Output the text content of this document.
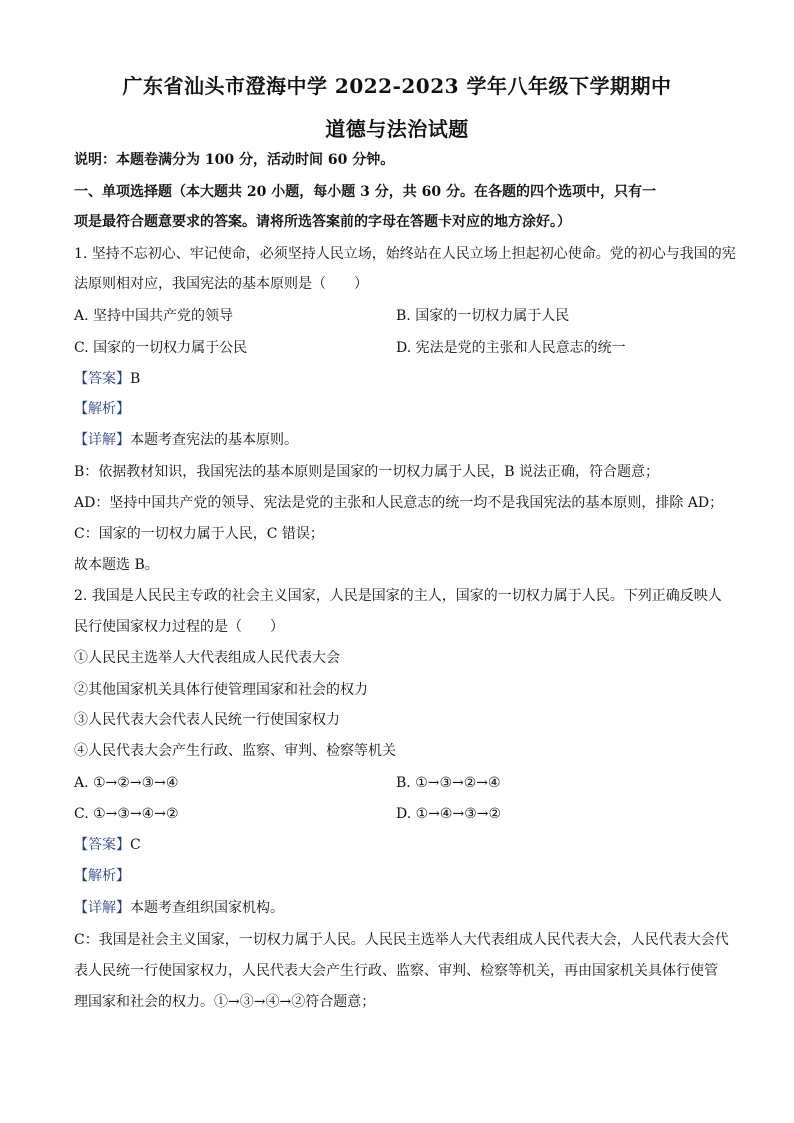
广东省汕头市澄海中学 2022-2023 学年八年级下学期期中
道德与法治试题
说明：本题卷满分为 100 分，活动时间 60 分钟。
一、单项选择题（本大题共 20 小题，每小题 3 分，共 60 分。在各题的四个选项中，只有一
项是最符合题意要求的答案。请将所选答案前的字母在答题卡对应的地方涂好。）
1. 坚持不忘初心、牢记使命，必须坚持人民立场，始终站在人民立场上担起初心使命。党的初心与我国的宪
法原则相对应，我国宪法的基本原则是（　　）
A. 坚持中国共产党的领导	B. 国家的一切权力属于人民
C. 国家的一切权力属于公民	D. 宪法是党的主张和人民意志的统一
【答案】B
【解析】
【详解】本题考查宪法的基本原则。
B：依据教材知识，我国宪法的基本原则是国家的一切权力属于人民，B 说法正确，符合题意；
AD：坚持中国共产党的领导、宪法是党的主张和人民意志的统一均不是我国宪法的基本原则，排除 AD；
C：国家的一切权力属于人民，C 错误；
故本题选 B。
2. 我国是人民民主专政的社会主义国家，人民是国家的主人，国家的一切权力属于人民。下列正确反映人
民行使国家权力过程的是（　　）
①人民民主选举人大代表组成人民代表大会
②其他国家机关具体行使管理国家和社会的权力
③人民代表大会代表人民统一行使国家权力
④人民代表大会产生行政、监察、审判、检察等机关
A. ①→②→③→④	B. ①→③→②→④
C. ①→③→④→②	D. ①→④→③→②
【答案】C
【解析】
【详解】本题考查组织国家机构。
C：我国是社会主义国家，一切权力属于人民。人民民主选举人大代表组成人民代表大会，人民代表大会代
表人民统一行使国家权力，人民代表大会产生行政、监察、审判、检察等机关，再由国家机关具体行使管
理国家和社会的权力。①→③→④→②符合题意；
